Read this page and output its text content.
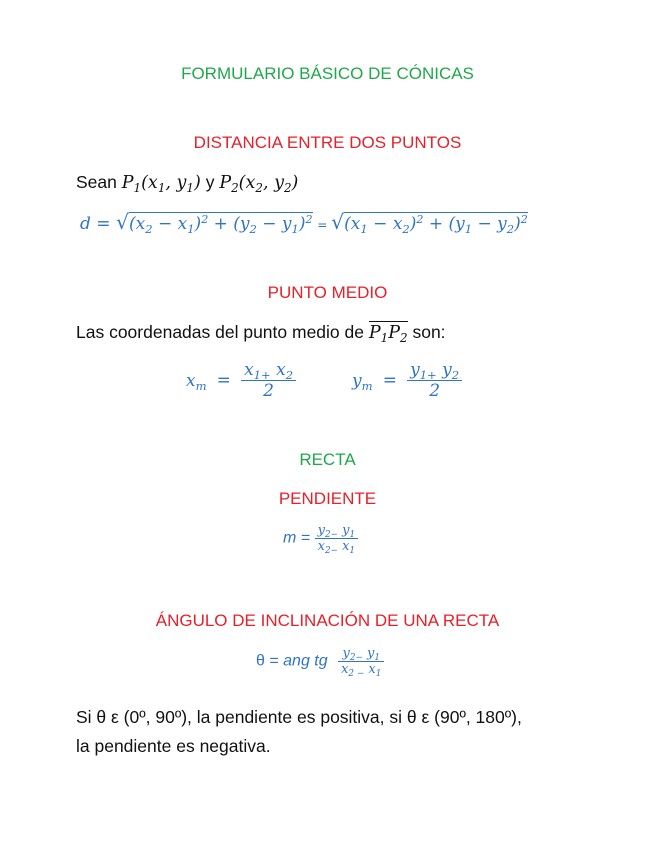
FORMULARIO BÁSICO DE CÓNICAS
DISTANCIA ENTRE DOS PUNTOS
Sean $P_1(x_1$, $y_1$) y $P_2(x_2$, $y_2$)
$d = √(x_2 - x_1)^2 + (y_2 - y_1)^2 = √(x_1 - x_2)^2 + (y_1 - y_2)^2$
PUNTO MEDIO
Las coordenadas del punto medio de $P_1P_2$ son:
$x_m = \frac{x_{1+} x_2}{2}$	$y_m = \frac{y_{1+} y_2}{2}$
RECTA
PENDIENTE
$m = \frac{y_{2-} y_1}{x_{2-} x_1}$
ÁNGULO DE INCLINACIÓN DE UNA RECTA
θ = ang tg $\frac{y_{2-} y_1}{x_{2 -} x_1}$
Si θ ε (0º, 90º), la pendiente es positiva, si θ ε (90º, 180º),
la pendiente es negativa.
